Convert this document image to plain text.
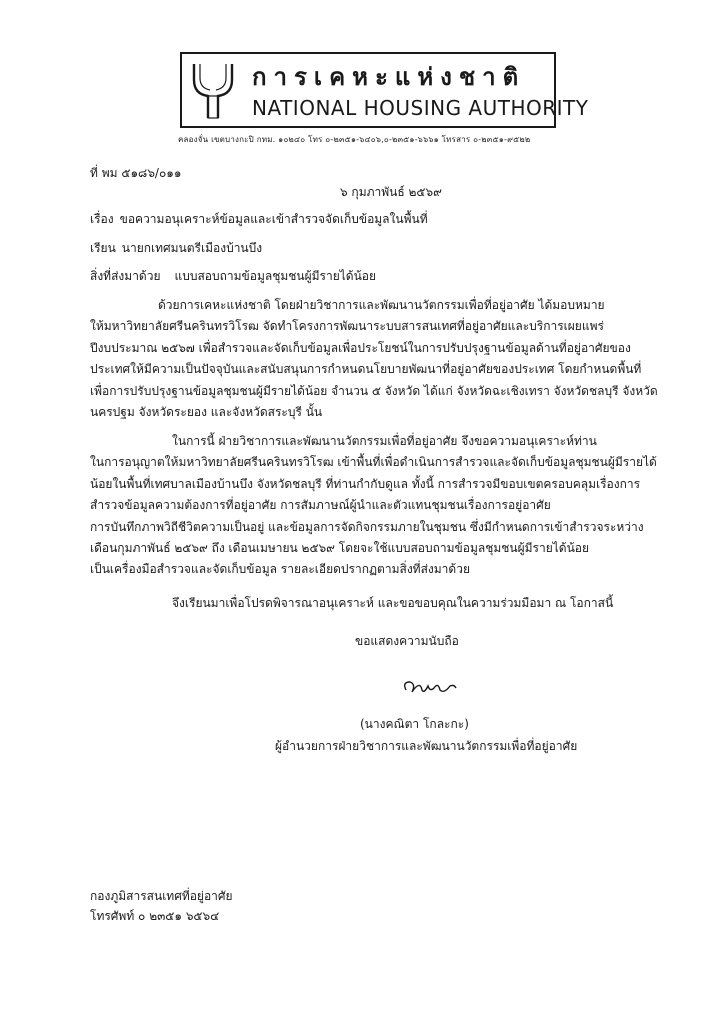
การเคหะแห่งชาติ
NATIONAL HOUSING AUTHORITY
คลองจั่น เขตบางกะปิ กทม. ๑๐๒๔๐ โทร ๐-๒๓๕๑-๖๔๐๖,๐-๒๓๕๑-๖๖๖๑ โทรสาร ๐-๒๓๕๑-๙๕๒๒
ที่ พม ๕๑๘๖/๐๑๑
๖ กุมภาพันธ์ ๒๕๖๙
เรื่อง ขอความอนุเคราะห์ข้อมูลและเข้าสำรวจจัดเก็บข้อมูลในพื้นที่
เรียน นายกเทศมนตรีเมืองบ้านบึง
สิ่งที่ส่งมาด้วย แบบสอบถามข้อมูลชุมชนผู้มีรายได้น้อย

ด้วยการเคหะแห่งชาติ โดยฝ่ายวิชาการและพัฒนานวัตกรรมเพื่อที่อยู่อาศัย ได้มอบหมาย

ให้มหาวิทยาลัยศรีนครินทรวิโรฒ จัดทำโครงการพัฒนาระบบสารสนเทศที่อยู่อาศัยและบริการเผยแพร่

ปีงบประมาณ ๒๕๖๗ เพื่อสำรวจและจัดเก็บข้อมูลเพื่อประโยชน์ในการปรับปรุงฐานข้อมูลด้านที่อยู่อาศัยของ

ประเทศให้มีความเป็นปัจจุบันและสนับสนุนการกำหนดนโยบายพัฒนาที่อยู่อาศัยของประเทศ โดยกำหนดพื้นที่

เพื่อการปรับปรุงฐานข้อมูลชุมชนผู้มีรายได้น้อย จำนวน ๕ จังหวัด ได้แก่ จังหวัดฉะเชิงเทรา จังหวัดชลบุรี จังหวัด

นครปฐม จังหวัดระยอง และจังหวัดสระบุรี นั้น

ในการนี้ ฝ่ายวิชาการและพัฒนานวัตกรรมเพื่อที่อยู่อาศัย จึงขอความอนุเคราะห์ท่าน

ในการอนุญาตให้มหาวิทยาลัยศรีนครินทรวิโรฒ เข้าพื้นที่เพื่อดำเนินการสำรวจและจัดเก็บข้อมูลชุมชนผู้มีรายได้

น้อยในพื้นที่เทศบาลเมืองบ้านบึง จังหวัดชลบุรี ที่ท่านกำกับดูแล ทั้งนี้ การสำรวจมีขอบเขตครอบคลุมเรื่องการ

สำรวจข้อมูลความต้องการที่อยู่อาศัย การสัมภาษณ์ผู้นำและตัวแทนชุมชนเรื่องการอยู่อาศัย

การบันทึกภาพวิถีชีวิตความเป็นอยู่ และข้อมูลการจัดกิจกรรมภายในชุมชน ซึ่งมีกำหนดการเข้าสำรวจระหว่าง

เดือนกุมภาพันธ์ ๒๕๖๙ ถึง เดือนเมษายน ๒๕๖๙ โดยจะใช้แบบสอบถามข้อมูลชุมชนผู้มีรายได้น้อย

เป็นเครื่องมือสำรวจและจัดเก็บข้อมูล รายละเอียดปรากฏตามสิ่งที่ส่งมาด้วย

จึงเรียนมาเพื่อโปรดพิจารณาอนุเคราะห์ และขอขอบคุณในความร่วมมือมา ณ โอกาสนี้

ขอแสดงความนับถือ
(นางคณิตา โกละกะ)
ผู้อำนวยการฝ่ายวิชาการและพัฒนานวัตกรรมเพื่อที่อยู่อาศัย
กองภูมิสารสนเทศที่อยู่อาศัย
โทรศัพท์ ๐ ๒๓๕๑ ๖๕๖๔
